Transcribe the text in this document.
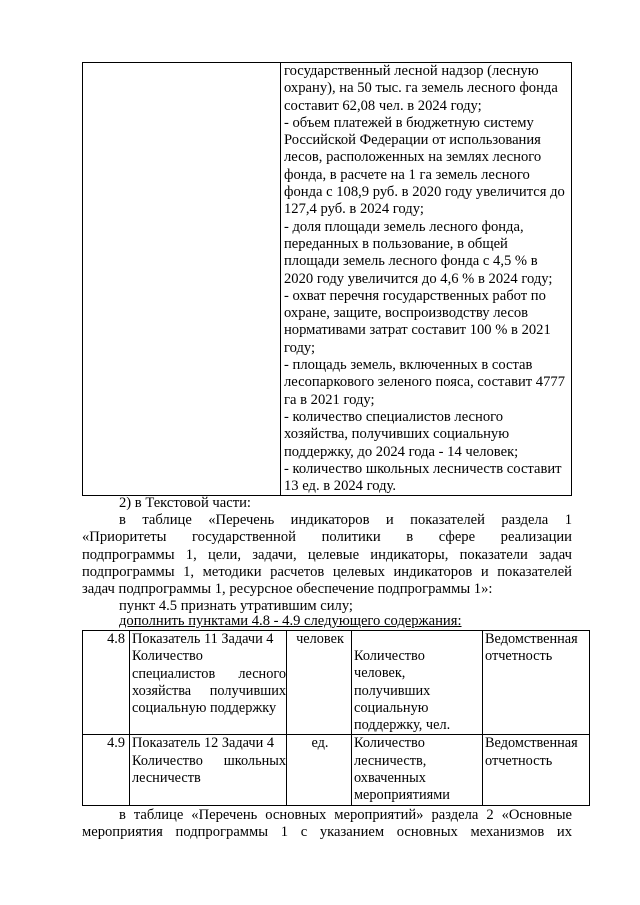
государственный лесной надзор (лесную
охрану), на 50 тыс. га земель лесного фонда
составит 62,08 чел. в 2024 году;
- объем платежей в бюджетную систему
Российской Федерации от использования
лесов, расположенных на землях лесного
фонда, в расчете на 1 га земель лесного
фонда с 108,9 руб. в 2020 году увеличится до
127,4 руб. в 2024 году;
- доля площади земель лесного фонда,
переданных в пользование, в общей
площади земель лесного фонда с 4,5 % в
2020 году увеличится до 4,6 % в 2024 году;
- охват перечня государственных работ по
охране, защите, воспроизводству лесов
нормативами затрат составит 100 % в 2021
году;
- площадь земель, включенных в состав
лесопаркового зеленого пояса, составит 4777
га в 2021 году;
- количество специалистов лесного
хозяйства, получивших социальную
поддержку, до 2024 года - 14 человек;
- количество школьных лесничеств составит
13 ед. в 2024 году.
2) в Текстовой части:
в таблице «Перечень индикаторов и показателей раздела 1
«Приоритеты государственной политики в сфере реализации
подпрограммы 1, цели, задачи, целевые индикаторы, показатели задач
подпрограммы 1, методики расчетов целевых индикаторов и показателей
задач подпрограммы 1, ресурсное обеспечение подпрограммы 1»:
пункт 4.5 признать утратившим силу;
дополнить пунктами 4.8 - 4.9 следующего содержания:
4.8	Показатель 11 Задачи 4
Количество
специалистов лесного
хозяйства получивших
социальную поддержку	человек	Количество
человек,
получивших
социальную
поддержку, чел.	Ведомственная
отчетность

4.9	Показатель 12 Задачи 4
Количество школьных
лесничеств	ед.	Количество
лесничеств,
охваченных
мероприятиями	Ведомственная
отчетность
в таблице «Перечень основных мероприятий» раздела 2 «Основные
мероприятия подпрограммы 1 с указанием основных механизмов их
